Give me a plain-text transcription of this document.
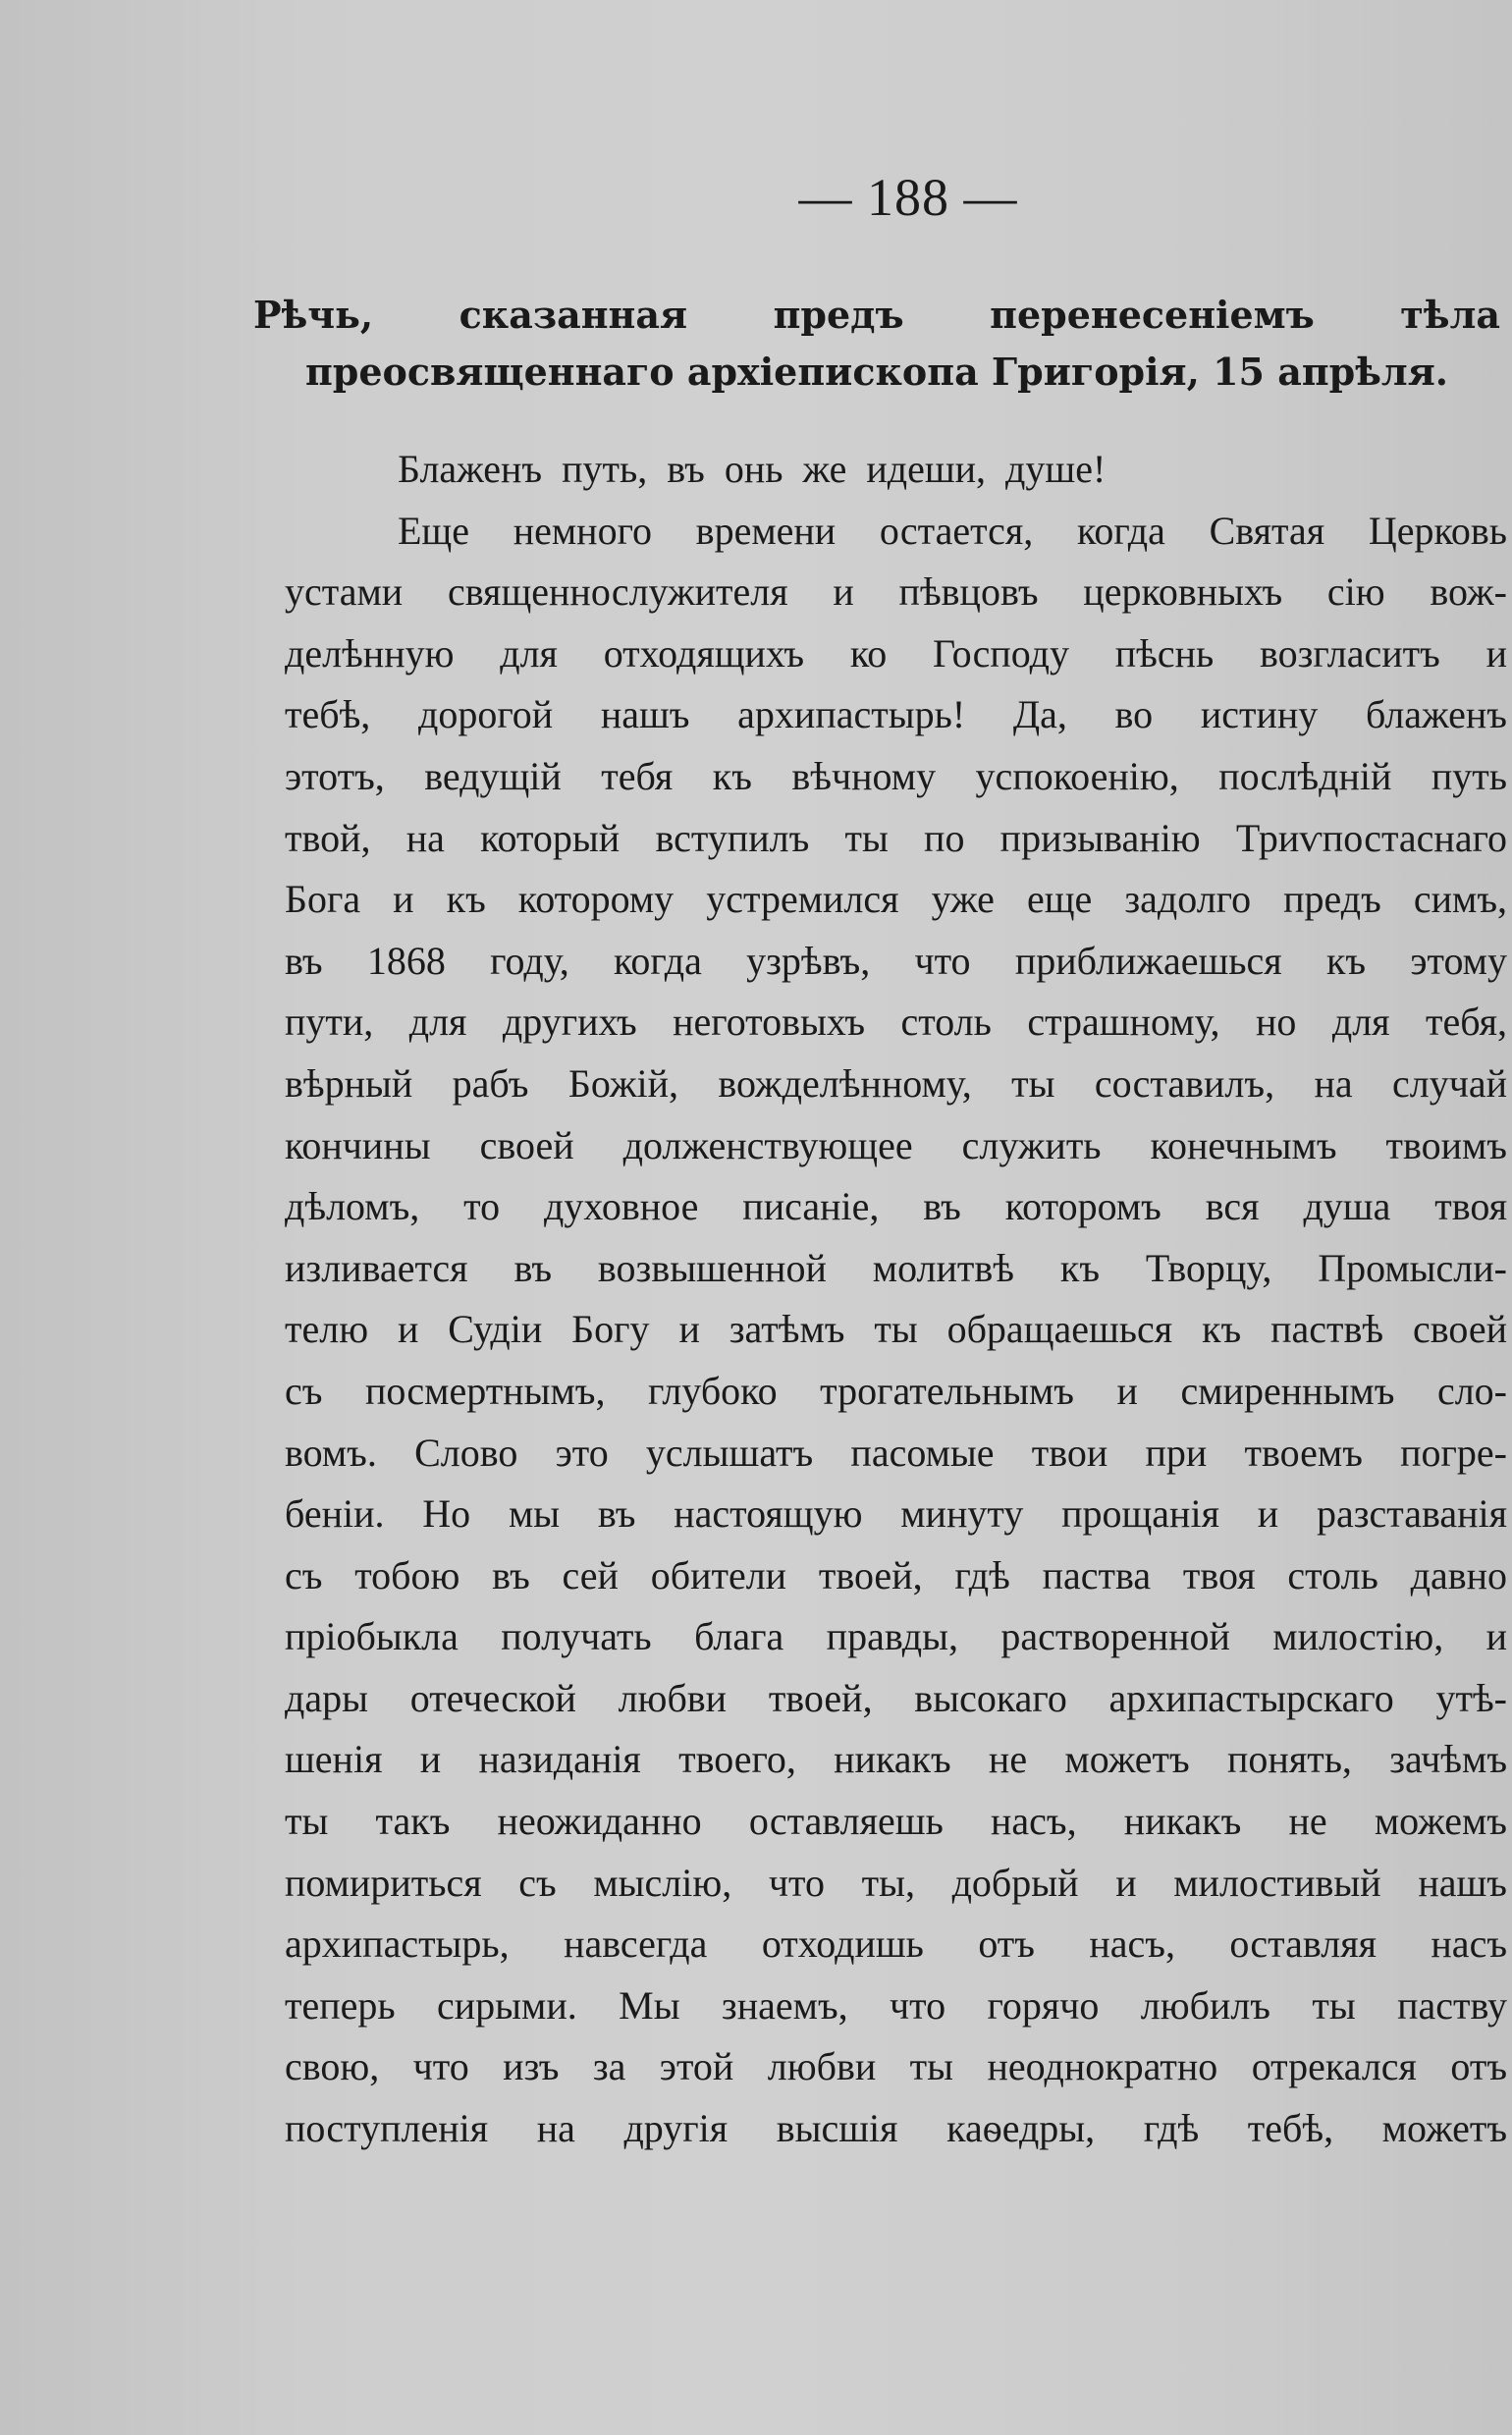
— 188 —
Рѣчь, сказанная предъ перенесеніемъ тѣла преосвященнаго архіепископа Григорія, 15 апрѣля.
Блаженъ путь, въ онь же идеши, душе!
Еще немного времени остается, когда Святая Церковь
устами священнослужителя и пѣвцовъ церковныхъ сію вож-
делѣнную для отходящихъ ко Господу пѣснь возгласитъ и
тебѣ, дорогой нашъ архипастырь! Да, во истину блаженъ
этотъ, ведущій тебя къ вѣчному успокоенію, послѣдній путь
твой, на который вступилъ ты по призыванію Триѵпостаснаго
Бога и къ которому устремился уже еще задолго предъ симъ,
въ 1868 году, когда узрѣвъ, что приближаешься къ этому
пути, для другихъ неготовыхъ столь страшному, но для тебя,
вѣрный рабъ Божій, вожделѣнному, ты составилъ, на случай
кончины своей долженствующее служить конечнымъ твоимъ
дѣломъ, то духовное писаніе, въ которомъ вся душа твоя
изливается въ возвышенной молитвѣ къ Творцу, Промысли-
телю и Судіи Богу и затѣмъ ты обращаешься къ паствѣ своей
съ посмертнымъ, глубоко трогательнымъ и смиреннымъ сло-
вомъ. Слово это услышатъ пасомые твои при твоемъ погре-
беніи. Но мы въ настоящую минуту прощанія и разставанія
съ тобою въ сей обители твоей, гдѣ паства твоя столь давно
пріобыкла получать блага правды, растворенной милостію, и
дары отеческой любви твоей, высокаго архипастырскаго утѣ-
шенія и назиданія твоего, никакъ не можетъ понять, зачѣмъ
ты такъ неожиданно оставляешь насъ, никакъ не можемъ
помириться съ мыслію, что ты, добрый и милостивый нашъ
архипастырь, навсегда отходишь отъ насъ, оставляя насъ
теперь сирыми. Мы знаемъ, что горячо любилъ ты паству
свою, что изъ за этой любви ты неоднократно отрекался отъ
поступленія на другія высшія каѳедры, гдѣ тебѣ, можетъ
